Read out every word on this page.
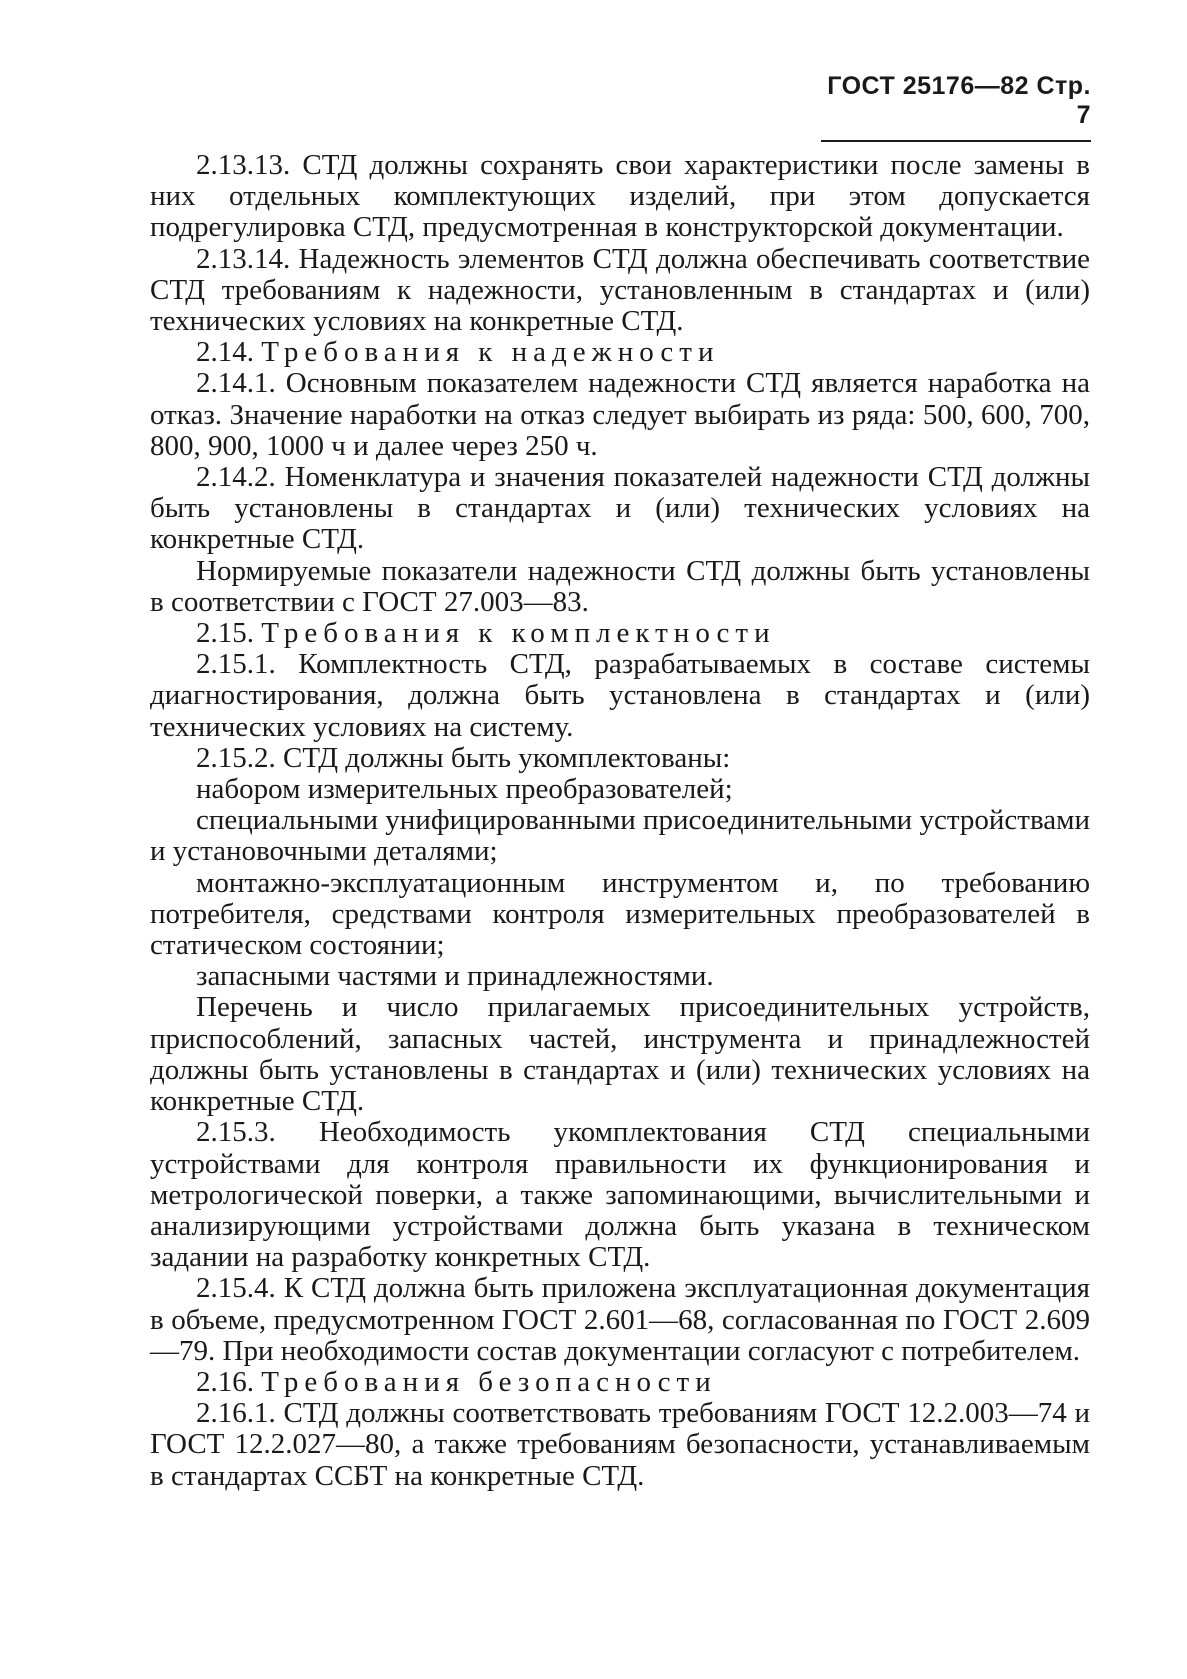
ГОСТ 25176—82 Стр. 7

2.13.13. СТД должны сохранять свои характеристики после замены в них отдельных комплектующих изделий, при этом допускается подрегулировка СТД, предусмотренная в конструкторской документации.

2.13.14. Надежность элементов СТД должна обеспечивать соответствие СТД требованиям к надежности, установленным в стандартах и (или) технических условиях на конкретные СТД.

2.14. Требования к надежности

2.14.1. Основным показателем надежности СТД является наработка на отказ. Значение наработки на отказ следует выбирать из ряда: 500, 600, 700, 800, 900, 1000 ч и далее через 250 ч.

2.14.2. Номенклатура и значения показателей надежности СТД должны быть установлены в стандартах и (или) технических условиях на конкретные СТД.

Нормируемые показатели надежности СТД должны быть установлены в соответствии с ГОСТ 27.003—83.

2.15. Требования к комплектности

2.15.1. Комплектность СТД, разрабатываемых в составе системы диагностирования, должна быть установлена в стандартах и (или) технических условиях на систему.

2.15.2. СТД должны быть укомплектованы:

набором измерительных преобразователей;

специальными унифицированными присоединительными устройствами и установочными деталями;

монтажно-эксплуатационным инструментом и, по требованию потребителя, средствами контроля измерительных преобразователей в статическом состоянии;

запасными частями и принадлежностями.

Перечень и число прилагаемых присоединительных устройств, приспособлений, запасных частей, инструмента и принадлежностей должны быть установлены в стандартах и (или) технических условиях на конкретные СТД.

2.15.3. Необходимость укомплектования СТД специальными устройствами для контроля правильности их функционирования и метрологической поверки, а также запоминающими, вычислительными и анализирующими устройствами должна быть указана в техническом задании на разработку конкретных СТД.

2.15.4. К СТД должна быть приложена эксплуатационная документация в объеме, предусмотренном ГОСТ 2.601—68, согласованная по ГОСТ 2.609—79. При необходимости состав документации согласуют с потребителем.

2.16. Требования безопасности

2.16.1. СТД должны соответствовать требованиям ГОСТ 12.2.003—74 и ГОСТ 12.2.027—80, а также требованиям безопасности, устанавливаемым в стандартах ССБТ на конкретные СТД.
